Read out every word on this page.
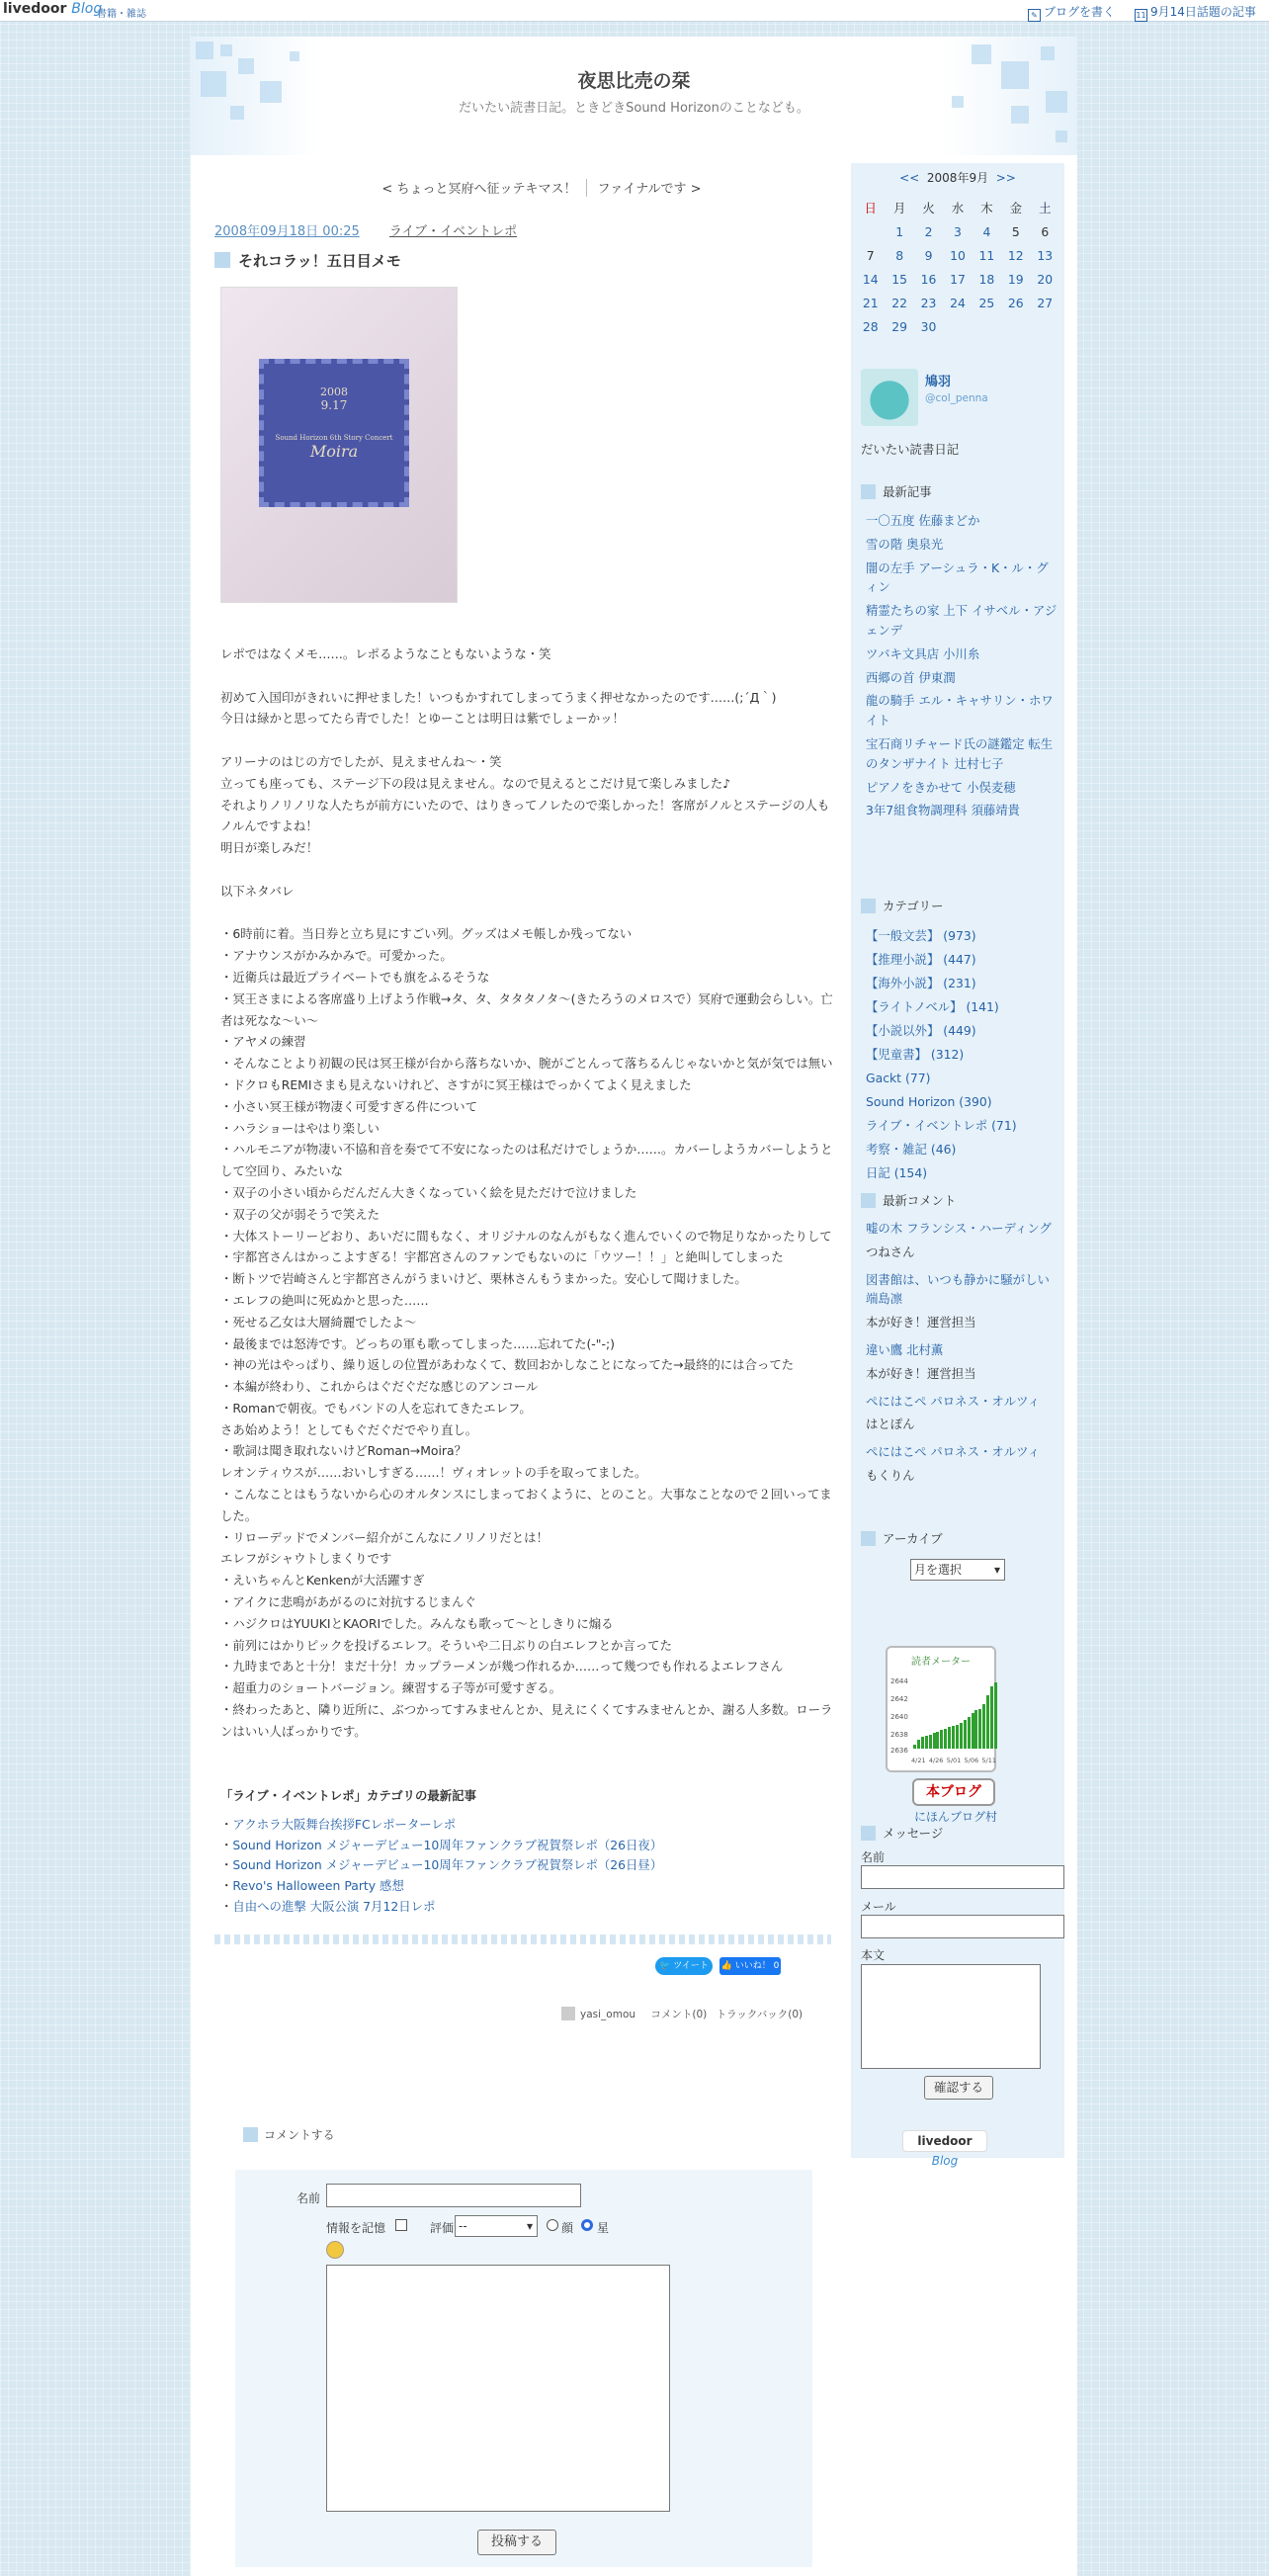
livedoor Blog
書籍・雑誌	✎ ブログを書く	11 9月14日話題の記事
夜思比売の栞
だいたい読書日記。ときどきSound Horizonのことなども。
< ちょっと冥府へ征ッテキマス！ ファイナルです >
2008年09月18日 00:25 ライブ・イベントレポ
それコラッ！五日目メモ
2008
9.17
Sound Horizon 6th Story Concert
Moira

レポではなくメモ……。レポるようなこともないような・笑

初めて入国印がきれいに押せました！いつもかすれてしまってうまく押せなかったのです……(;´Д｀)
今日は緑かと思ってたら青でした！とゆーことは明日は紫でしょーかッ！

アリーナのはじの方でしたが、見えませんね〜・笑
立っても座っても、ステージ下の段は見えません。なので見えるとこだけ見て楽しみました♪
それよりノリノリな人たちが前方にいたので、はりきってノレたので楽しかった！客席がノルとステージの人もノルんですよね！
明日が楽しみだ！

以下ネタバレ

・6時前に着。当日券と立ち見にすごい列。グッズはメモ帳しか残ってない
・アナウンスがかみかみで。可愛かった。
・近衛兵は最近プライベートでも旗をふるそうな
・冥王さまによる客席盛り上げよう作戦→タ、タ、タタタノタ〜(きたろうのメロスで）冥府で運動会らしい。亡者は死なな〜い〜
・アヤメの練習
・そんなことより初観の民は冥王様が台から落ちないか、腕がごとんって落ちるんじゃないかと気が気では無い
・ドクロもREMIさまも見えないけれど、さすがに冥王様はでっかくてよく見えました
・小さい冥王様が物凄く可愛すぎる件について
・ハラショーはやはり楽しい
・ハルモニアが物凄い不協和音を奏でて不安になったのは私だけでしょうか……。カバーしようカバーしようとして空回り、みたいな
・双子の小さい頃からだんだん大きくなっていく絵を見ただけで泣けました
・双子の父が弱そうで笑えた
・大体ストーリーどおり、あいだに間もなく、オリジナルのなんがもなく進んでいくので物足りなかったりして
・宇都宮さんはかっこよすぎる！宇都宮さんのファンでもないのに「ウツー！！」と絶叫してしまった
・断トツで岩崎さんと宇都宮さんがうまいけど、栗林さんもうまかった。安心して聞けました。
・エレフの絶叫に死ぬかと思った……
・死せる乙女は大層綺麗でしたよ〜
・最後までは怒涛です。どっちの軍も歌ってしまった……忘れてた(-"-;)
・神の光はやっぱり、繰り返しの位置があわなくて、数回おかしなことになってた→最終的には合ってた
・本編が終わり、これからはぐだぐだな感じのアンコール
・Romanで朝夜。でもバンドの人を忘れてきたエレフ。
さあ始めよう！としてもぐだぐだでやり直し。
・歌詞は聞き取れないけどRoman→Moira？
レオンティウスが……おいしすぎる……！ヴィオレットの手を取ってました。
・こんなことはもうないから心のオルタンスにしまっておくように、とのこと。大事なことなので２回いってました。
・リローデッドでメンバー紹介がこんなにノリノリだとは！
エレフがシャウトしまくりです
・えいちゃんとKenkenが大活躍すぎ
・アイクに悲鳴があがるのに対抗するじまんぐ
・ハジクロはYUUKIとKAORIでした。みんなも歌って〜としきりに煽る
・前列にはかりピックを投げるエレフ。そういや二日ぶりの白エレフとか言ってた
・九時まであと十分！まだ十分！カップラーメンが幾つ作れるか……って幾つでも作れるよエレフさん
・超重力のショートバージョン。練習する子等が可愛すぎる。
・終わったあと、隣り近所に、ぶつかってすみませんとか、見えにくくてすみませんとか、謝る人多数。ローランはいい人ばっかりです。

「ライブ・イベントレポ」カテゴリの最新記事
・アクホラ大阪舞台挨拶FCレポーターレポ
・Sound Horizon メジャーデビュー10周年ファンクラブ祝賀祭レポ（26日夜）
・Sound Horizon メジャーデビュー10周年ファンクラブ祝賀祭レポ（26日昼）
・Revo's Halloween Party 感想
・自由への進撃 大阪公演 7月12日レポ
🐦 ツイート	👍 いいね！ 0
yasi_omou コメント(0) トラックバック(0)
コメントする
名前
情報を記憶	評価 --	▾ 顔 星
投稿する
<< 2008年9月 >>
日	月	火	水	木	金	土
	1	2	3	4	5	6
7	8	9	10	11	12	13
14	15	16	17	18	19	20
21	22	23	24	25	26	27
28	29	30				
鳩羽
@col_penna
だいたい読書日記
最新記事
一〇五度 佐藤まどか
雪の階 奥泉光
闇の左手 アーシュラ・K・ル・グィン
精霊たちの家 上下 イサベル・アジェンデ
ツバキ文具店 小川糸
西郷の首 伊東潤
龍の騎手 エル・キャサリン・ホワイト
宝石商リチャード氏の謎鑑定 転生のタンザナイト 辻村七子
ピアノをきかせて 小俣麦穂
3年7組食物調理科 須藤靖貴
カテゴリー
【一般文芸】 (973)
【推理小説】 (447)
【海外小説】 (231)
【ライトノベル】 (141)
【小説以外】 (449)
【児童書】 (312)
Gackt (77)
Sound Horizon (390)
ライブ・イベントレポ (71)
考察・雑記 (46)
日記 (154)
最新コメント
嘘の木 フランシス・ハーディング
つねさん
図書館は、いつも静かに騒がしい 端島凛
本が好き！運営担当
違い鷹 北村薫
本が好き！運営担当
ぺにはこぺ パロネス・オルツィ
はとぽん
ぺにはこぺ パロネス・オルツィ
もくりん
アーカイブ
月を選択	▾
読者メーター
2644
2642
2640
2638
2636
4/21 4/26 5/01 5/06 5/11
本ブログ
にほんブログ村
メッセージ
名前
メール
本文
確認する
livedoor Blog
